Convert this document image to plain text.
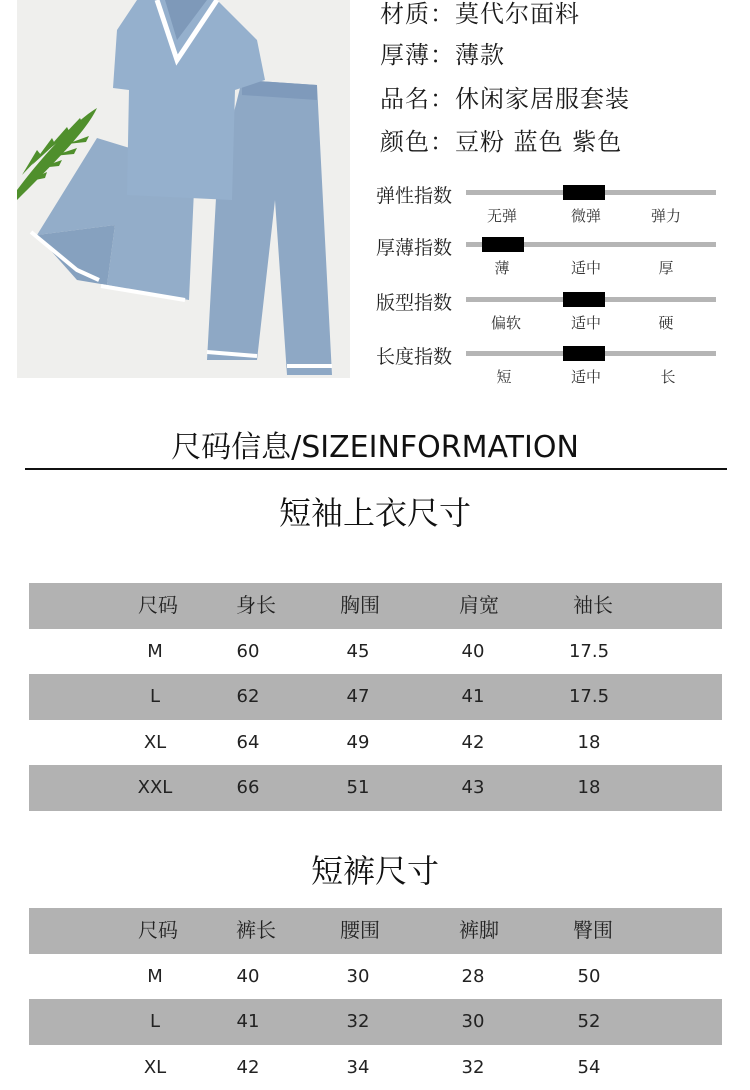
材质：莫代尔面料
厚薄：薄款
品名：休闲家居服套装
颜色：豆粉 蓝色 紫色
弹性指数
无弹	微弹	弹力
厚薄指数
薄	适中	厚
版型指数
偏软	适中	硬
长度指数
短	适中	长
尺码信息/SIZEINFORMATION
短袖上衣尺寸
尺码	身长	胸围	肩宽	袖长
M	60	45	40	17.5
L	62	47	41	17.5
XL	64	49	42	18
XXL	66	51	43	18
短裤尺寸
尺码	裤长	腰围	裤脚	臀围
M	40	30	28	50
L	41	32	30	52
XL	42	34	32	54
